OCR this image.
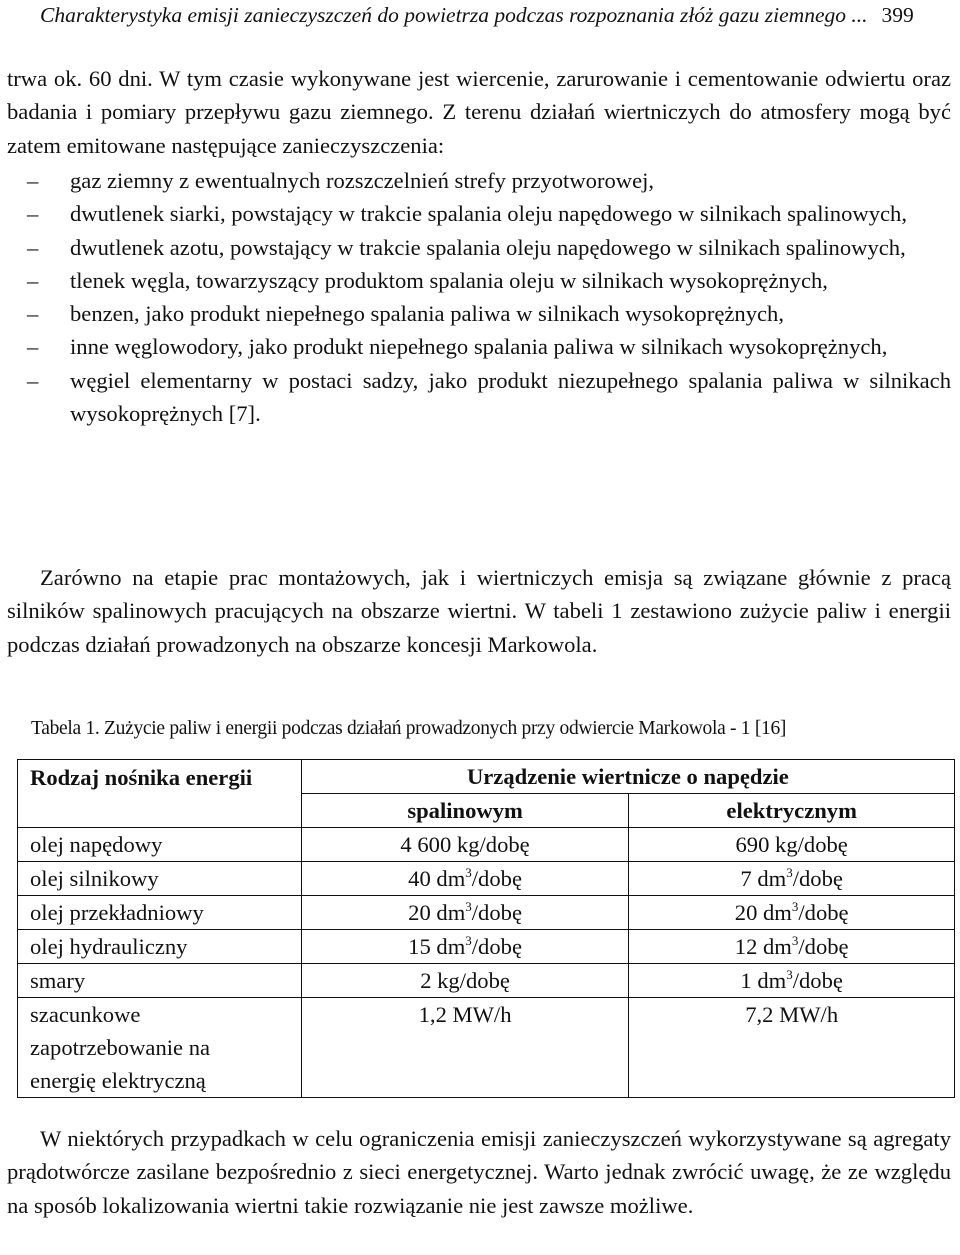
Charakterystyka emisji zanieczyszczeń do powietrza podczas rozpoznania złóż gazu ziemnego ... 399

trwa ok. 60 dni. W tym czasie wykonywane jest wiercenie, zarurowanie i cementowanie odwiertu oraz badania i pomiary przepływu gazu ziemnego. Z terenu działań wiertniczych do atmosfery mogą być zatem emitowane następujące zanieczyszczenia:

– gaz ziemny z ewentualnych rozszczelnień strefy przyotworowej,
– dwutlenek siarki, powstający w trakcie spalania oleju napędowego w silnikach spalinowych,
– dwutlenek azotu, powstający w trakcie spalania oleju napędowego w silnikach spalinowych,
– tlenek węgla, towarzyszący produktom spalania oleju w silnikach wysokoprężnych,
– benzen, jako produkt niepełnego spalania paliwa w silnikach wysokoprężnych,
– inne węglowodory, jako produkt niepełnego spalania paliwa w silnikach wysokoprężnych,
– węgiel elementarny w postaci sadzy, jako produkt niezupełnego spalania paliwa w silnikach wysokoprężnych [7].

Zarówno na etapie prac montażowych, jak i wiertniczych emisja są związane głównie z pracą silników spalinowych pracujących na obszarze wiertni. W tabeli 1 zestawiono zużycie paliw i energii podczas działań prowadzonych na obszarze koncesji Markowola.

Tabela 1. Zużycie paliw i energii podczas działań prowadzonych przy odwiercie Markowola - 1 [16]
Rodzaj nośnika energii	Urządzenie wiertnicze o napędzie	
	spalinowym	elektrycznym
olej napędowy	4 600 kg/dobę	690 kg/dobę
olej silnikowy	40 $dm^3$/dobę	7 $dm^3$/dobę
olej przekładniowy	20 $dm^3$/dobę	20 $dm^3$/dobę
olej hydrauliczny	15 $dm^3$/dobę	12 $dm^3$/dobę
smary	2 kg/dobę	1 $dm^3$/dobę
szacunkowe zapotrzebowanie na energię elektryczną	1,2 MW/h	7,2 MW/h

W niektórych przypadkach w celu ograniczenia emisji zanieczyszczeń wykorzystywane są agregaty prądotwórcze zasilane bezpośrednio z sieci energetycznej. Warto jednak zwrócić uwagę, że ze względu na sposób lokalizowania wiertni takie rozwiązanie nie jest zawsze możliwe.
